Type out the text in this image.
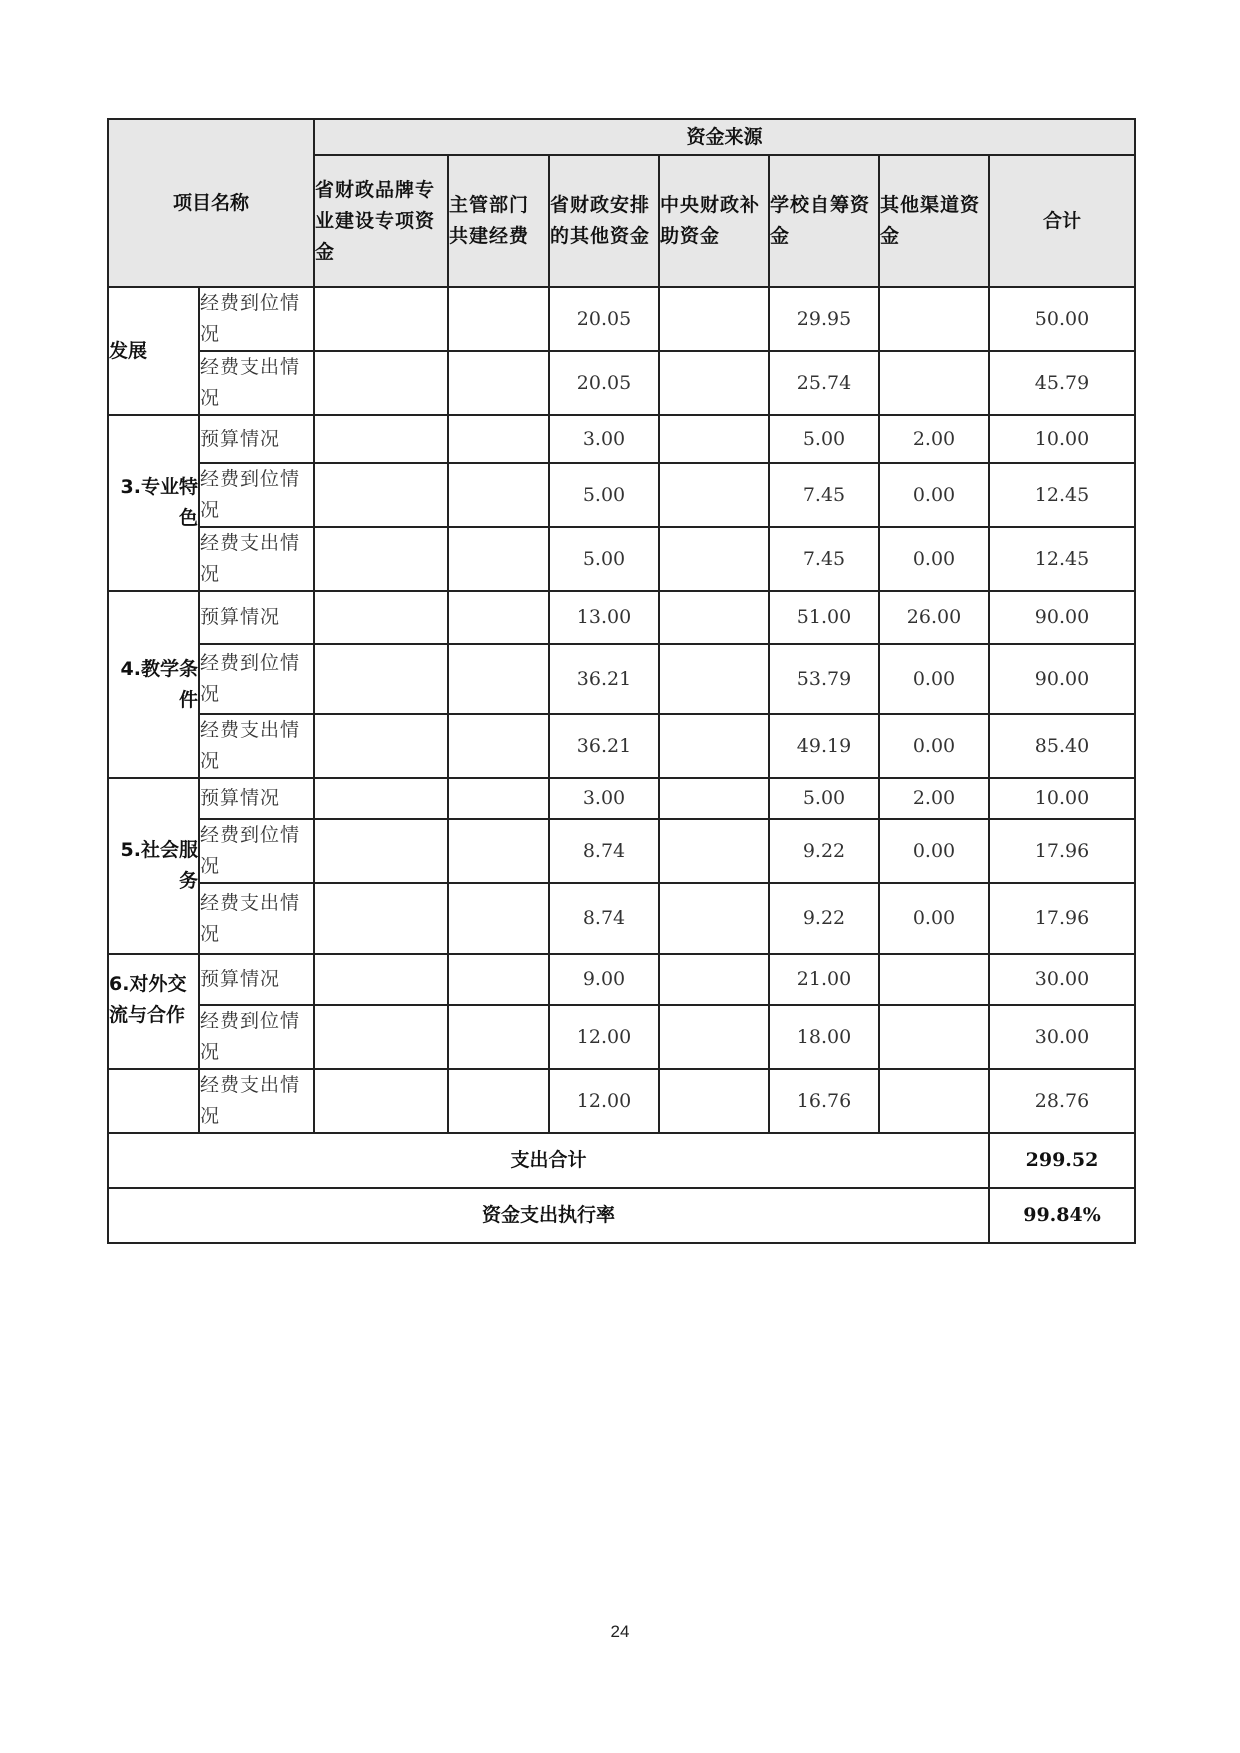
项目名称		资金来源						
		省财政品牌专业建设专项资金	主管部门共建经费	省财政安排的其他资金	中央财政补助资金	学校自筹资金	其他渠道资金	合计
发展	经费到位情况			20.05		29.95		50.00
	经费支出情况			20.05		25.74		45.79
3.专业特色	预算情况			3.00		5.00	2.00	10.00
	经费到位情况			5.00		7.45	0.00	12.45
	经费支出情况			5.00		7.45	0.00	12.45
4.教学条件	预算情况			13.00		51.00	26.00	90.00
	经费到位情况			36.21		53.79	0.00	90.00
	经费支出情况			36.21		49.19	0.00	85.40
5.社会服务	预算情况			3.00		5.00	2.00	10.00
	经费到位情况			8.74		9.22	0.00	17.96
	经费支出情况			8.74		9.22	0.00	17.96
6.对外交流与合作	预算情况			9.00		21.00		30.00
	经费到位情况			12.00		18.00		30.00
	经费支出情况			12.00		16.76		28.76
支出合计								299.52
资金支出执行率								99.84%
24
